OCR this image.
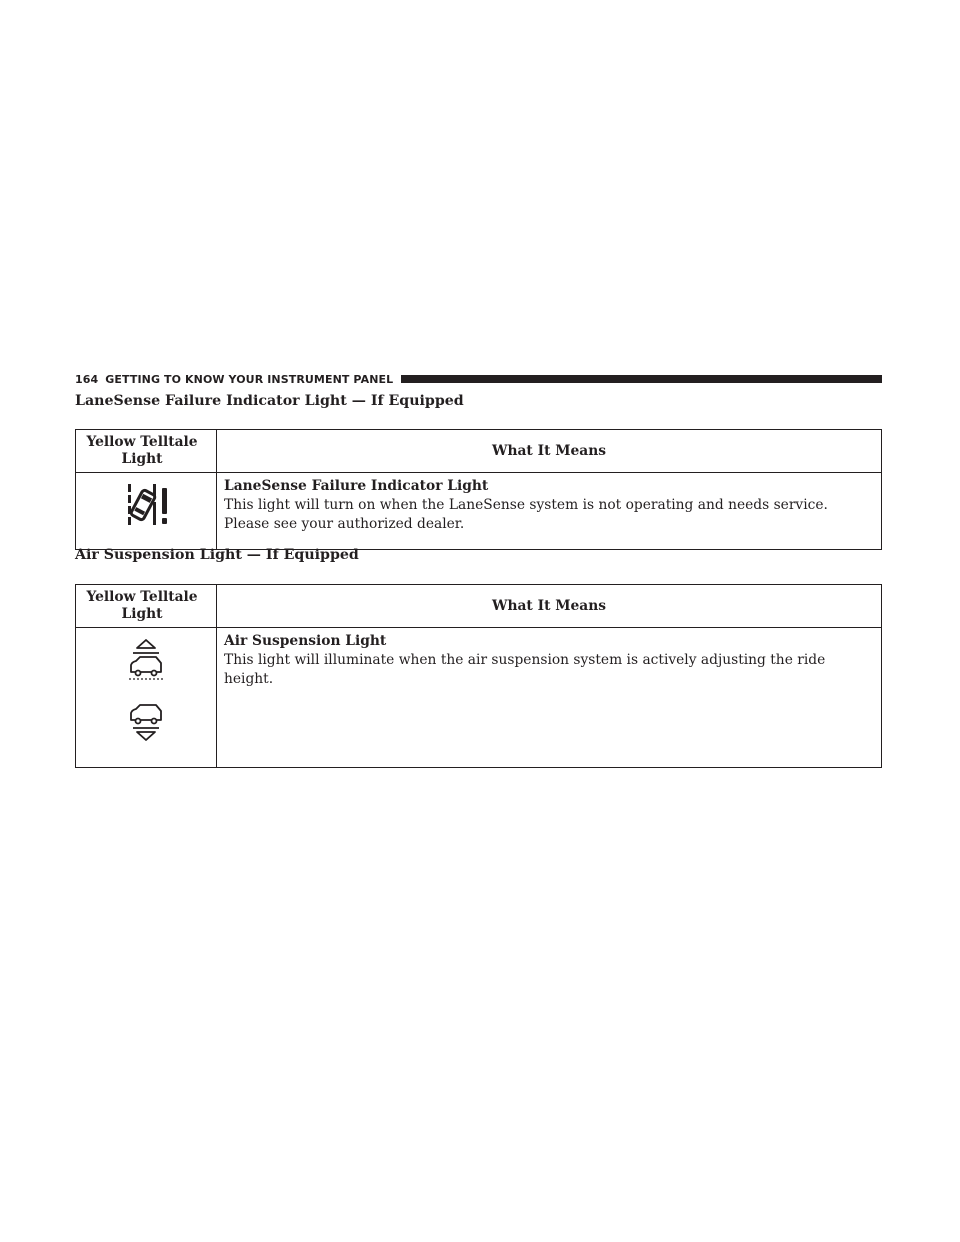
164 GETTING TO KNOW YOUR INSTRUMENT PANEL
LaneSense Failure Indicator Light — If Equipped
Yellow Telltale Light	What It Means

LaneSense Failure Indicator Light
This light will turn on when the LaneSense system is not operating and needs service. Please see your authorized dealer.
Air Suspension Light — If Equipped
Yellow Telltale Light	What It Means

Air Suspension Light
This light will illuminate when the air suspension system is actively adjusting the ride height.
